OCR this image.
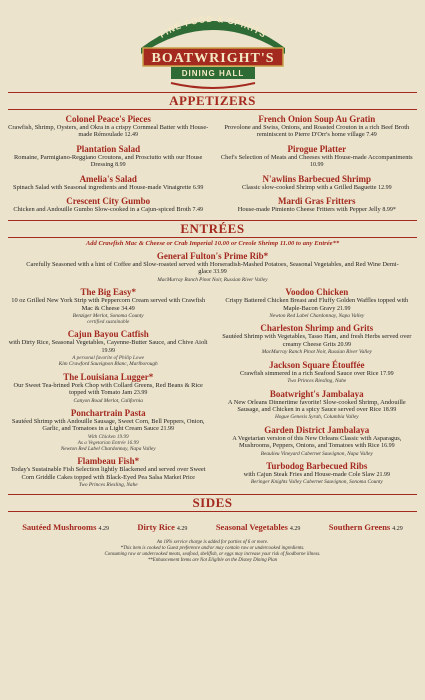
FINE FOOD & SPIRITS
BOATWRIGHT'S
DINING HALL
APPETIZERS
Colonel Peace's Pieces
Crawfish, Shrimp, Oysters, and Okra in a crispy Cornmeal Batter with House-made Rémoulade 12.49
Plantation Salad
Romaine, Parmigiano-Reggiano Croutons, and Prosciutto with our House Dressing 8.99
Amelia's Salad
Spinach Salad with Seasonal ingredients and House-made Vinaigrette 6.99
Crescent City Gumbo
Chicken and Andouille Gumbo Slow-cooked in a Cajun-spiced Broth 7.49
French Onion Soup Au Gratin
Provolone and Swiss, Onions, and Roasted Crouton in a rich Beef Broth reminiscent to Pierre D'Orr's home village 7.49
Pirogue Platter
Chef's Selection of Meats and Cheeses with House-made Accompaniments 10.99
N'awlins Barbecued Shrimp
Classic slow-cooked Shrimp with a Grilled Baguette 12.99
Mardi Gras Fritters
House-made Pimiento Cheese Fritters with Pepper Jelly 8.99*
ENTRÉES
Add Crawfish Mac & Cheese or Crab Imperial 10.00 or Creole Shrimp 11.00 to any Entrée**
General Fulton's Prime Rib*
Carefully Seasoned with a hint of Coffee and Slow-roasted served with Horseradish-Mashed Potatoes, Seasonal Vegetables, and Red Wine Demi-glace 33.99
MacMurray Ranch Pinot Noir, Russian River Valley
The Big Easy*
10 oz Grilled New York Strip with Peppercorn Cream served with Crawfish Mac & Cheese 34.49
Benziger Merlot, Sonoma County
certified sustainable
Cajun Bayou Catfish
with Dirty Rice, Seasonal Vegetables, Cayenne-Butter Sauce, and Chive Aioli 19.99
A personal favorite of Philip Lowe
Kim Crawford Sauvignon Blanc, Marlborough
The Louisiana Lugger*
Our Sweet Tea-brined Pork Chop with Collard Greens, Red Beans & Rice topped with Tomato Jam 23.99
Canyon Road Merlot, California
Ponchartrain Pasta
Sautéed Shrimp with Andouille Sausage, Sweet Corn, Bell Peppers, Onion, Garlic, and Tomatoes in a Light Cream Sauce 21.99
With Chicken 19.99
As a Vegetarian Entrée 16.99
Newton Red Label Chardonnay, Napa Valley
Flambeau Fish*
Today's Sustainable Fish Selection lightly Blackened and served over Sweet Corn Griddle Cakes topped with Black-Eyed Pea Salsa Market Price
Two Princes Riesling, Nahe
Voodoo Chicken
Crispy Battered Chicken Breast and Fluffy Golden Waffles topped with Maple-Bacon Gravy 21.99
Newton Red Label Chardonnay, Napa Valley
Charleston Shrimp and Grits
Sautéed Shrimp with Vegetables, Tasso Ham, and fresh Herbs served over creamy Cheese Grits 20.99
MacMurray Ranch Pinot Noir, Russian River Valley
Jackson Square Étouffée
Crawfish simmered in a rich Seafood Sauce over Rice 17.99
Two Princes Riesling, Nahe
Boatwright's Jambalaya
A New Orleans Dinnertime favorite! Slow-cooked Shrimp, Andouille Sausage, and Chicken in a spicy Sauce served over Rice 18.99
Hogue Genesis Syrah, Columbia Valley
Garden District Jambalaya
A Vegetarian version of this New Orleans Classic with Asparagus, Mushrooms, Peppers, Onions, and Tomatoes with Rice 16.99
Beaulieu Vineyard Cabernet Sauvignon, Napa Valley
Turbodog Barbecued Ribs
with Cajun Steak Fries and House-made Cole Slaw 21.99
Beringer Knights Valley Cabernet Sauvignon, Sonoma County
SIDES
Sautéed Mushrooms 4.29	Dirty Rice 4.29	Seasonal Vegetables 4.29	Southern Greens 4.29
An 18% service charge is added for parties of 6 or more.
*This item is cooked to Guest preference and/or may contain raw or undercooked ingredients.
Consuming raw or undercooked meats, seafood, shellfish, or eggs may increase your risk of foodborne illness.
**Enhancement Items are Not Eligible on the Disney Dining Plan
